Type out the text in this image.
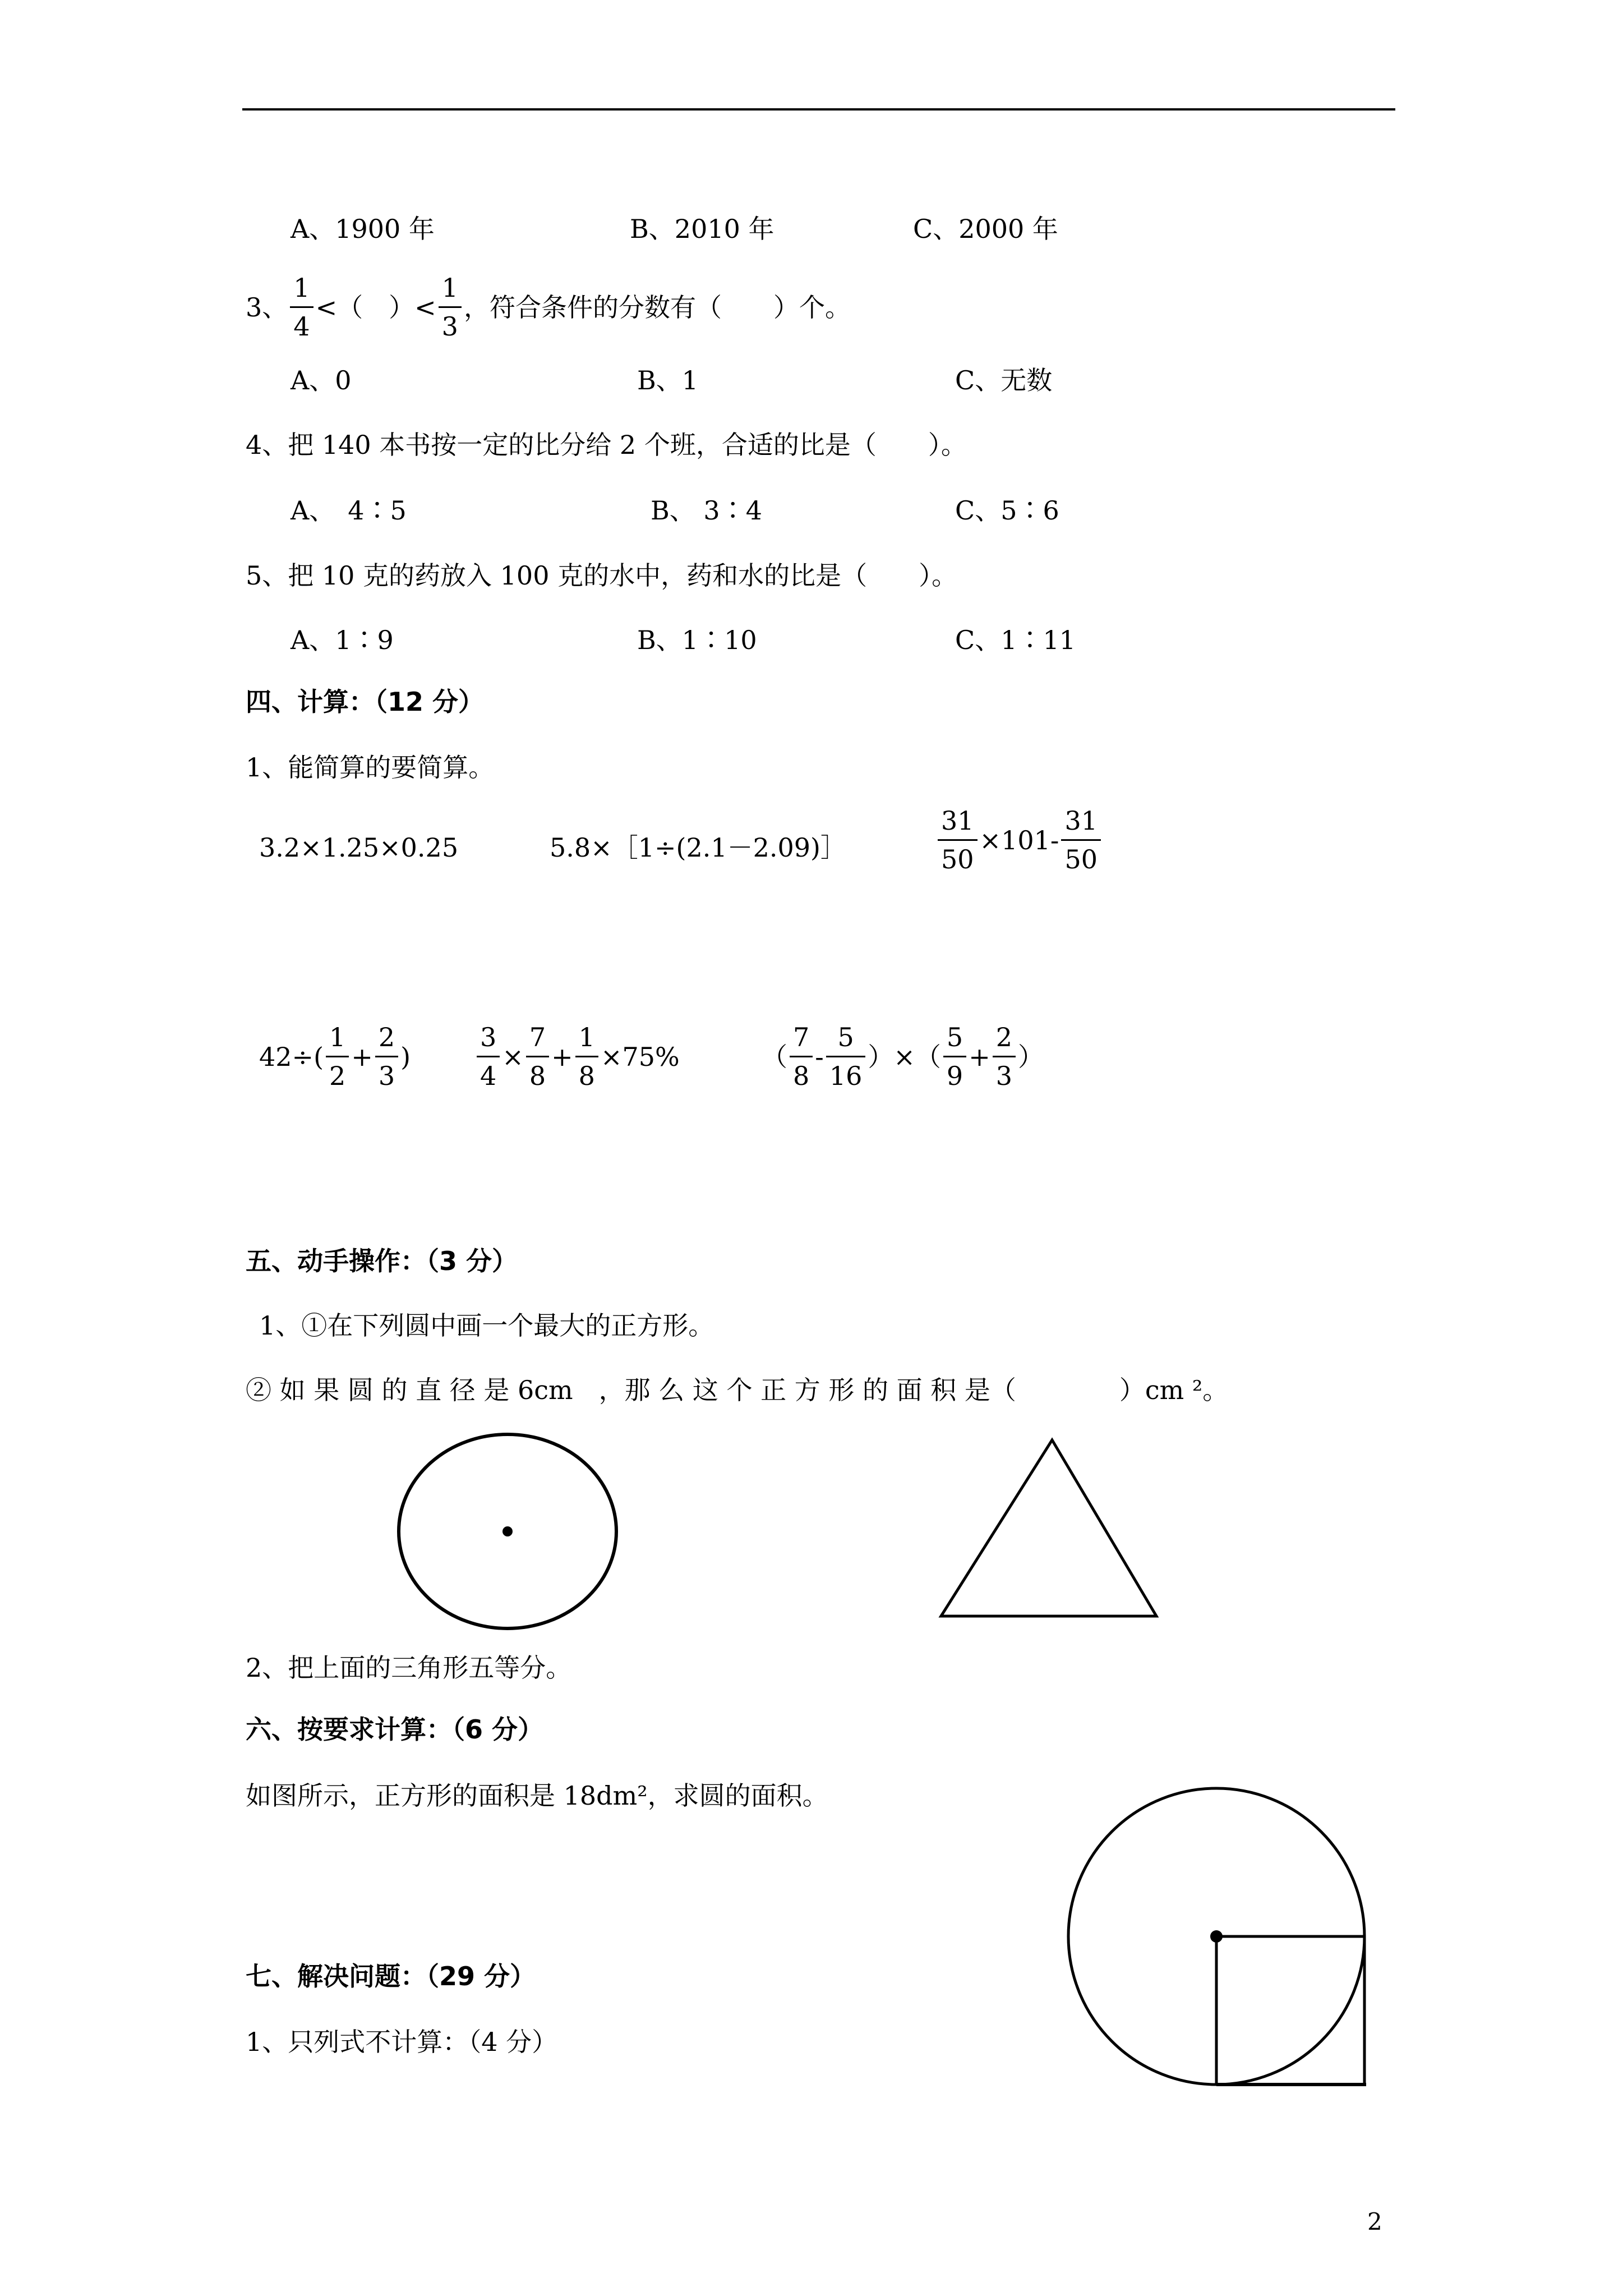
A、1900 年	B、2010 年	C、2000 年
3、 $\frac{1}{4}$ < （　） < $\frac{1}{3}$ ，符合条件的分数有（　　）个。
A、0	B、1	C、无数
4、把 140 本书按一定的比分给 2 个班，合适的比是（　　）。
A、　4∶5	B、 3∶4	C、5∶6
5、把 10 克的药放入 100 克的水中，药和水的比是（　　）。
A、1∶9	B、1∶10	C、1∶11
四、计算：（12 分）
1、能简算的要简算。
3.2×1.25×0.25	5.8×［1÷(2.1－2.09)］	$\frac{31}{50} \times 101- \frac{31}{50}$
$42\div( \frac{1}{2} + \frac{2}{3}$ )	$\frac{3}{4} \times \frac{7}{8} + \frac{1}{8} \times 75\%$	（ $\frac{7}{8} - \frac{5}{16}$ ） × （ $\frac{5}{9} + \frac{2}{3}$ ）
五、动手操作：（3 分）
1、①在下列圆中画一个最大的正方形。
② 如 果 圆 的 直 径 是 6cm　，那 么 这 个 正 方 形 的 面 积 是（　　　　）cm ²。
2、把上面的三角形五等分。
六、按要求计算：（6 分）
如图所示，正方形的面积是 18dm²，求圆的面积。
七、解决问题：（29 分）
1、只列式不计算：（4 分）
2
